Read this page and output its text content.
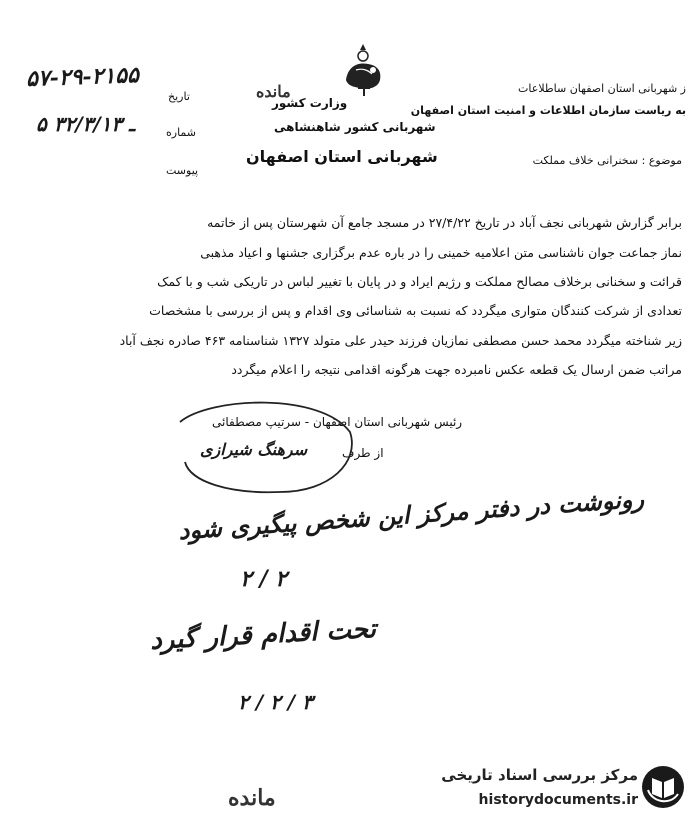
ز شهربانی استان اصفهان ساطلاعات
به ریاست سازمان اطلاعات و امنیت استان اصفهان
وزارت کشور
شهربانی کشور شاهنشاهی
شهربانی استان اصفهان
مانده
موضوع : سخنرانی خلاف مملکت
تاریخ
۵۷-۲۹-۲۱۵۵
شماره
۵ ـ ۳۲/۳/۱۳
پیوست
برابر گزارش شهربانی نجف آباد در تاریخ ۲۷/۴/۲۲ در مسجد جامع آن شهرستان پس از خاتمه
نماز جماعت جوان ناشناسی متن اعلامیه خمینی را در باره عدم برگزاری جشنها و اعیاد مذهبی
قرائت و سخنانی برخلاف مصالح مملکت و رژیم ایراد و در پایان با تغییر لباس در تاریکی شب و با کمک
تعدادی از شرکت کنندگان متواری میگردد که نسبت به شناسائی وی اقدام و پس از بررسی با مشخصات
زیر شناخته میگردد محمد حسن مصطفی نمازیان فرزند حیدر علی متولد ۱۳۲۷ شناسنامه ۴۶۳ صادره نجف آباد
مراتب ضمن ارسال یک قطعه عکس نامبرده جهت هرگونه اقدامی نتیجه را اعلام میگردد
رئیس شهربانی استان اصفهان - سرتیپ مصطفائی
از طرف
سرهنگ شیرازی
رونوشت در دفتر مرکز این شخص پیگیری شود
۲ / ۲
تحت اقدام قرار گیرد
۲ / ۲ / ۳
مانده
مرکز بررسی اسناد تاریخی
historydocuments.ir
